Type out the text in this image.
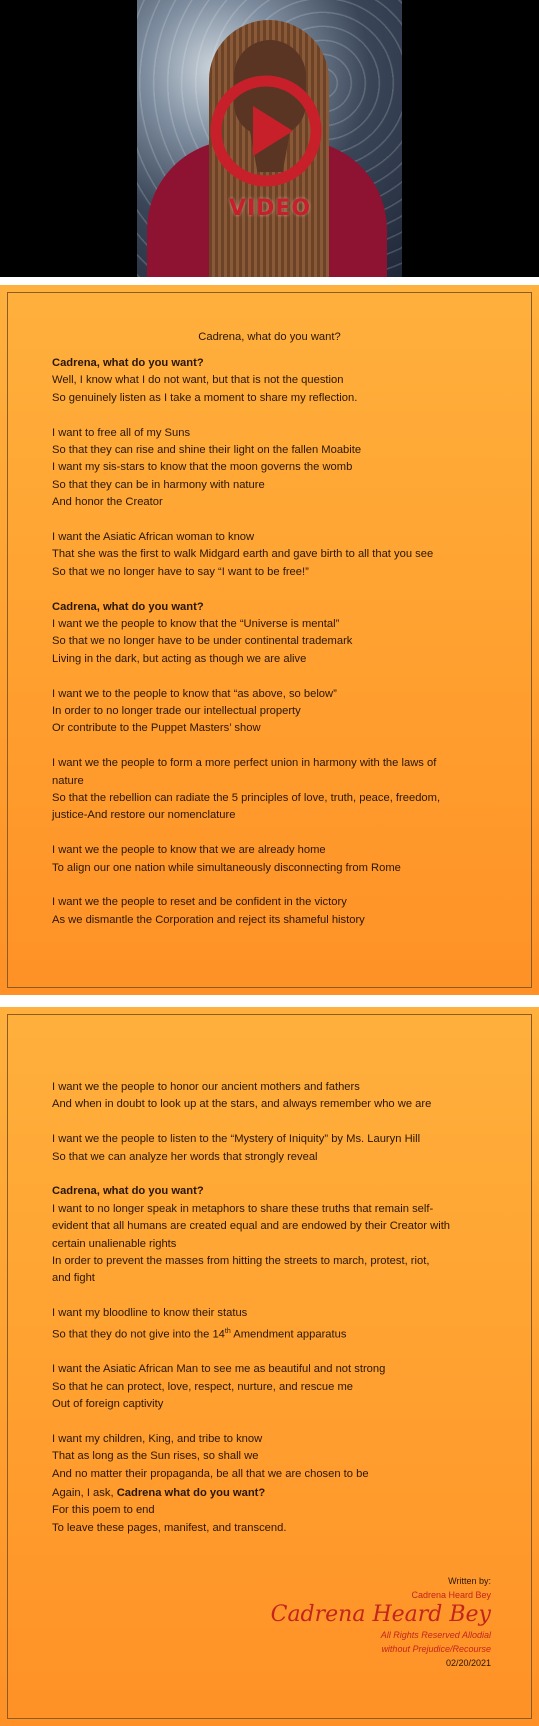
VIDEO
Cadrena, what do you want?

Cadrena, what do you want?

Well, I know what I do not want, but that is not the question

So genuinely listen as I take a moment to share my reflection.

I want to free all of my Suns

So that they can rise and shine their light on the fallen Moabite

I want my sis-stars to know that the moon governs the womb

So that they can be in harmony with nature

And honor the Creator

I want the Asiatic African woman to know

That she was the first to walk Midgard earth and gave birth to all that you see

So that we no longer have to say “I want to be free!”

Cadrena, what do you want?

I want we the people to know that the “Universe is mental”

So that we no longer have to be under continental trademark

Living in the dark, but acting as though we are alive

I want we to the people to know that “as above, so below”

In order to no longer trade our intellectual property

Or contribute to the Puppet Masters’ show

I want we the people to form a more perfect union in harmony with the laws of

nature

So that the rebellion can radiate the 5 principles of love, truth, peace, freedom,

justice-And restore our nomenclature

I want we the people to know that we are already home

To align our one nation while simultaneously disconnecting from Rome

I want we the people to reset and be confident in the victory

As we dismantle the Corporation and reject its shameful history

I want we the people to honor our ancient mothers and fathers

And when in doubt to look up at the stars, and always remember who we are

I want we the people to listen to the “Mystery of Iniquity” by Ms. Lauryn Hill

So that we can analyze her words that strongly reveal

Cadrena, what do you want?

I want to no longer speak in metaphors to share these truths that remain self-

evident that all humans are created equal and are endowed by their Creator with

certain unalienable rights

In order to prevent the masses from hitting the streets to march, protest, riot,

and fight

I want my bloodline to know their status

So that they do not give into the 14th Amendment apparatus

I want the Asiatic African Man to see me as beautiful and not strong

So that he can protect, love, respect, nurture, and rescue me

Out of foreign captivity

I want my children, King, and tribe to know

That as long as the Sun rises, so shall we

And no matter their propaganda, be all that we are chosen to be

Again, I ask, Cadrena what do you want?

For this poem to end

To leave these pages, manifest, and transcend.

Written by:
Cadrena Heard Bey
Cadrena Heard Bey
All Rights Reserved Allodial
without Prejudice/Recourse
02/20/2021
